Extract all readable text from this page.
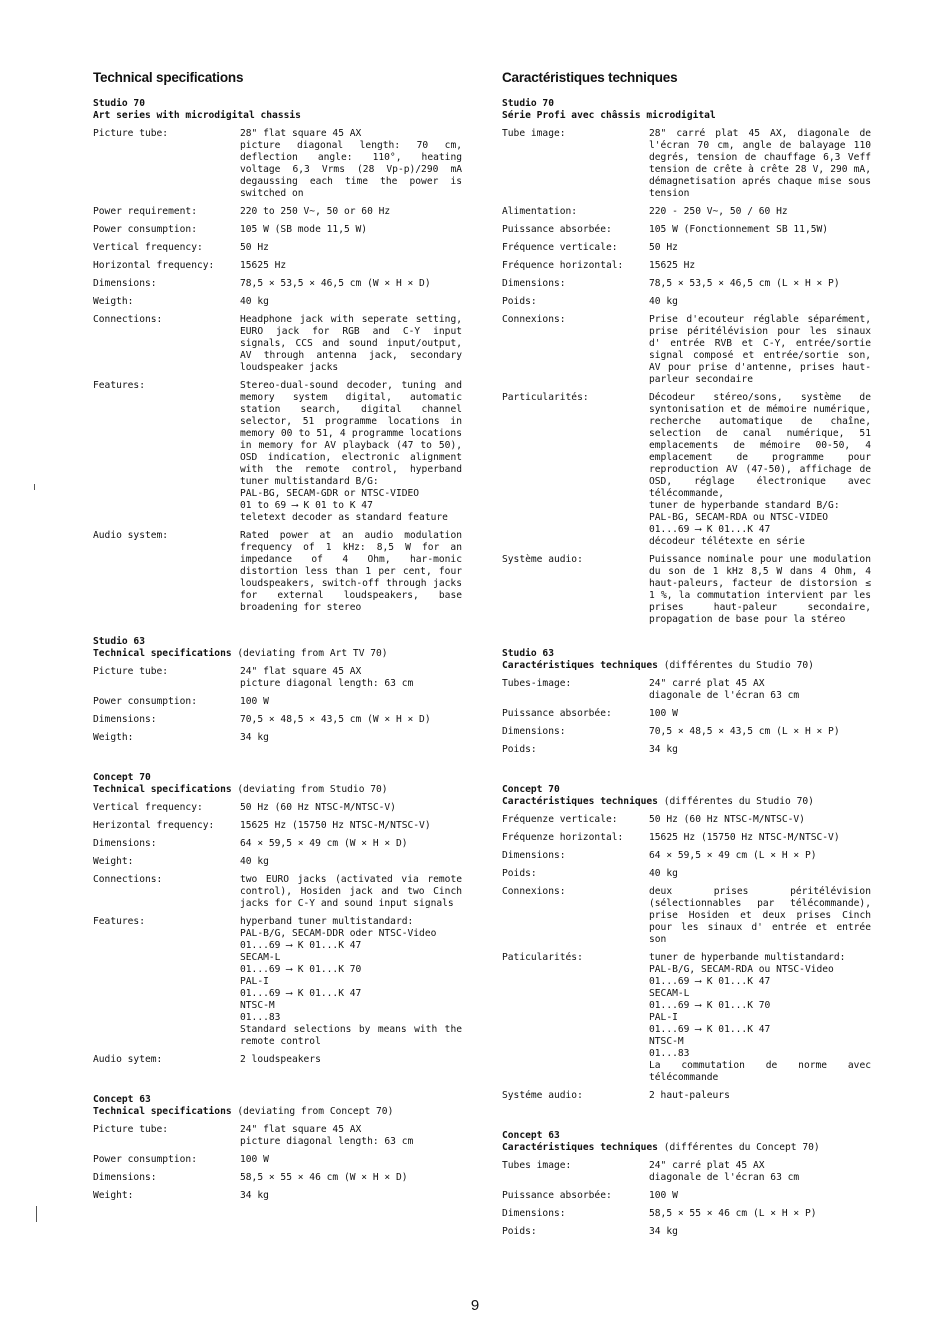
Technical specifications
Studio 70
Art series with microdigital chassis
Picture tube:	28" flat square 45 AX
picture diagonal length: 70 cm, deflection angle: 110°, heating voltage 6,3 Vrms (28 Vp-p)/290 mA degaussing each time the power is switched on
Power requirement:	220 to 250 V~, 50 or 60 Hz
Power consumption:	105 W (SB mode 11,5 W)
Vertical frequency:	50 Hz
Horizontal frequency:	15625 Hz
Dimensions:	78,5 × 53,5 × 46,5 cm (W × H × D)
Weigth:	40 kg
Connections:	Headphone jack with seperate setting, EURO jack for RGB and C-Y input signals, CCS and sound input/output, AV through antenna jack, secondary loudspeaker jacks
Features:	Stereo-dual-sound decoder, tuning and memory system digital, automatic station search, digital channel selector, 51 programme locations in memory 00 to 51, 4 programme locations in memory for AV playback (47 to 50), OSD indication, electronic alignment with the remote control, hyperband tuner multistandard B/G:
PAL-BG, SECAM-GDR or NTSC-VIDEO
01 to 69 ⟶ K 01 to K 47
teletext decoder as standard feature
Audio system:	Rated power at an audio modulation frequency of 1 kHz: 8,5 W for an impedance of 4 Ohm, har-monic distortion less than 1 per cent, four loudspeakers, switch-off through jacks for external loudspeakers, base broadening for stereo
Studio 63
Technical specifications (deviating from Art TV 70)
Picture tube:	24" flat square 45 AX
picture diagonal length: 63 cm
Power consumption:	100 W
Dimensions:	70,5 × 48,5 × 43,5 cm (W × H × D)
Weigth:	34 kg
Concept 70
Technical specifications (deviating from Studio 70)
Vertical frequency:	50 Hz (60 Hz NTSC-M/NTSC-V)
Herizontal frequency:	15625 Hz (15750 Hz NTSC-M/NTSC-V)
Dimensions:	64 × 59,5 × 49 cm (W × H × D)
Weight:	40 kg
Connections:	two EURO jacks (activated via remote control), Hosiden jack and two Cinch jacks for C-Y and sound input signals
Features:	hyperband tuner multistandard:
PAL-B/G, SECAM-DDR oder NTSC-Video
01...69 ⟶ K 01...K 47
SECAM-L
01...69 ⟶ K 01...K 70
PAL-I
01...69 ⟶ K 01...K 47
NTSC-M
01...83
Standard selections by means with the remote control
Audio sytem:	2 loudspeakers
Concept 63
Technical specifications (deviating from Concept 70)
Picture tube:	24" flat square 45 AX
picture diagonal length: 63 cm
Power consumption:	100 W
Dimensions:	58,5 × 55 × 46 cm (W × H × D)
Weight:	34 kg
Caractéristiques techniques
Studio 70
Série Profi avec châssis microdigital
Tube image:	28" carré plat 45 AX, diagonale de l'écran 70 cm, angle de balayage 110 degrés, tension de chauffage 6,3 Veff tension de crête à crête 28 V, 290 mA, démagnetisation aprés chaque mise sous tension
Alimentation:	220 - 250 V~, 50 / 60 Hz
Puissance absorbée:	105 W (Fonctionnement SB 11,5W)
Fréquence verticale:	50 Hz
Fréquence horizontal:	15625 Hz
Dimensions:	78,5 × 53,5 × 46,5 cm (L × H × P)
Poids:	40 kg
Connexions:	Prise d'ecouteur réglable séparément, prise péritélévision pour les sinaux d' entrée RVB et C-Y, entrée/sortie signal composé et entrée/sortie son, AV pour prise d'antenne, prises haut-parleur secondaire
Particularités:	Décodeur stéreo/sons, système de syntonisation et de mémoire numérique, recherche automatique de chaîne, selection de canal numérique, 51 emplacements de mémoire 00-50, 4 emplacement de programme pour reproduction AV (47-50), affichage de OSD, réglage électronique avec télécommande,
tuner de hyperbande standard B/G:
PAL-BG, SECAM-RDA ou NTSC-VIDEO
01...69 ⟶ K 01...K 47
décodeur télétexte en série
Système audio:	Puissance nominale pour une modulation du son de 1 kHz 8,5 W dans 4 Ohm, 4 haut-paleurs, facteur de distorsion ≤ 1 %, la commutation intervient par les prises haut-paleur secondaire, propagation de base pour la stéreo
Studio 63
Caractéristiques techniques (différentes du Studio 70)
Tubes-image:	24" carré plat 45 AX
diagonale de l'écran 63 cm
Puissance absorbée:	100 W
Dimensions:	70,5 × 48,5 × 43,5 cm (L × H × P)
Poids:	34 kg
Concept 70
Caractéristiques techniques (différentes du Studio 70)
Fréquenze verticale:	50 Hz (60 Hz NTSC-M/NTSC-V)
Fréquenze horizontal:	15625 Hz (15750 Hz NTSC-M/NTSC-V)
Dimensions:	64 × 59,5 × 49 cm (L × H × P)
Poids:	40 kg
Connexions:	deux prises péritélévision (sélectionnables par télécommande), prise Hosiden et deux prises Cinch pour les sinaux d' entrée et entrée son
Paticularités:	tuner de hyperbande multistandard:
PAL-B/G, SECAM-RDA ou NTSC-Video
01...69 ⟶ K 01...K 47
SECAM-L
01...69 ⟶ K 01...K 70
PAL-I
01...69 ⟶ K 01...K 47
NTSC-M
01...83
La commutation de norme avec télécommande
Systéme audio:	2 haut-paleurs
Concept 63
Caractéristiques techniques (différentes du Concept 70)
Tubes image:	24" carré plat 45 AX
diagonale de l'écran 63 cm
Puissance absorbée:	100 W
Dimensions:	58,5 × 55 × 46 cm (L × H × P)
Poids:	34 kg
9
